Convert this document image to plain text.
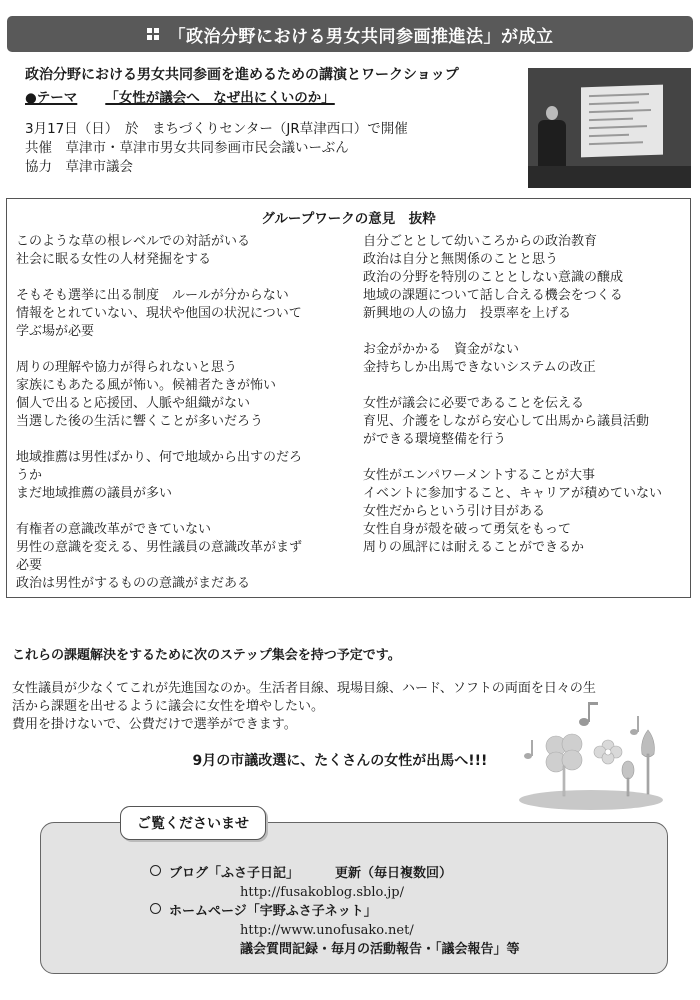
「政治分野における男女共同参画推進法」が成立
政治分野における男女共同参画を進めるための講演とワークショップ
●テーマ 「女性が議会へ　なぜ出にくいのか」
3月17日（日）　於　まちづくりセンター（JR草津西口）で開催
共催　草津市・草津市男女共同参画市民会議いーぶん
協力　草津市議会
グループワークの意見　抜粋

このような草の根レベルでの対話がいる

社会に眠る女性の人材発掘をする

そもそも選挙に出る制度　ルールが分からない

情報をとれていない、現状や他国の状況について

学ぶ場が必要

周りの理解や協力が得られないと思う

家族にもあたる風が怖い。候補者たきが怖い

個人で出ると応援団、人脈や組織がない

当選した後の生活に響くことが多いだろう

地域推薦は男性ばかり、何で地域から出すのだろ

うか

まだ地域推薦の議員が多い

有権者の意識改革ができていない

男性の意識を変える、男性議員の意識改革がまず

必要

政治は男性がするものの意識がまだある

自分ごととして幼いころからの政治教育

政治は自分と無関係のことと思う

政治の分野を特別のこととしない意識の醸成

地域の課題について話し合える機会をつくる

新興地の人の協力　投票率を上げる

お金がかかる　資金がない

金持ちしか出馬できないシステムの改正

女性が議会に必要であることを伝える

育児、介護をしながら安心して出馬から議員活動

ができる環境整備を行う

女性がエンパワーメントすることが大事

イベントに参加すること、キャリアが積めていない

女性だからという引け目がある

女性自身が殻を破って勇気をもって

周りの風評には耐えることができるか

これらの課題解決をするために次のステップ集会を持つ予定です。

女性議員が少なくてこれが先進国なのか。生活者目線、現場目線、ハード、ソフトの両面を日々の生

活から課題を出せるように議会に女性を増やしたい。

費用を掛けないで、公費だけで選挙ができます。

9月の市議改選に、たくさんの女性が出馬へ!!!
ご覧くださいませ
ブログ「ふさ子日記」	更新（毎日複数回）
http://fusakoblog.sblo.jp/
ホームページ「宇野ふさ子ネット」
http://www.unofusako.net/
議会質問記録・毎月の活動報告・「議会報告」等
